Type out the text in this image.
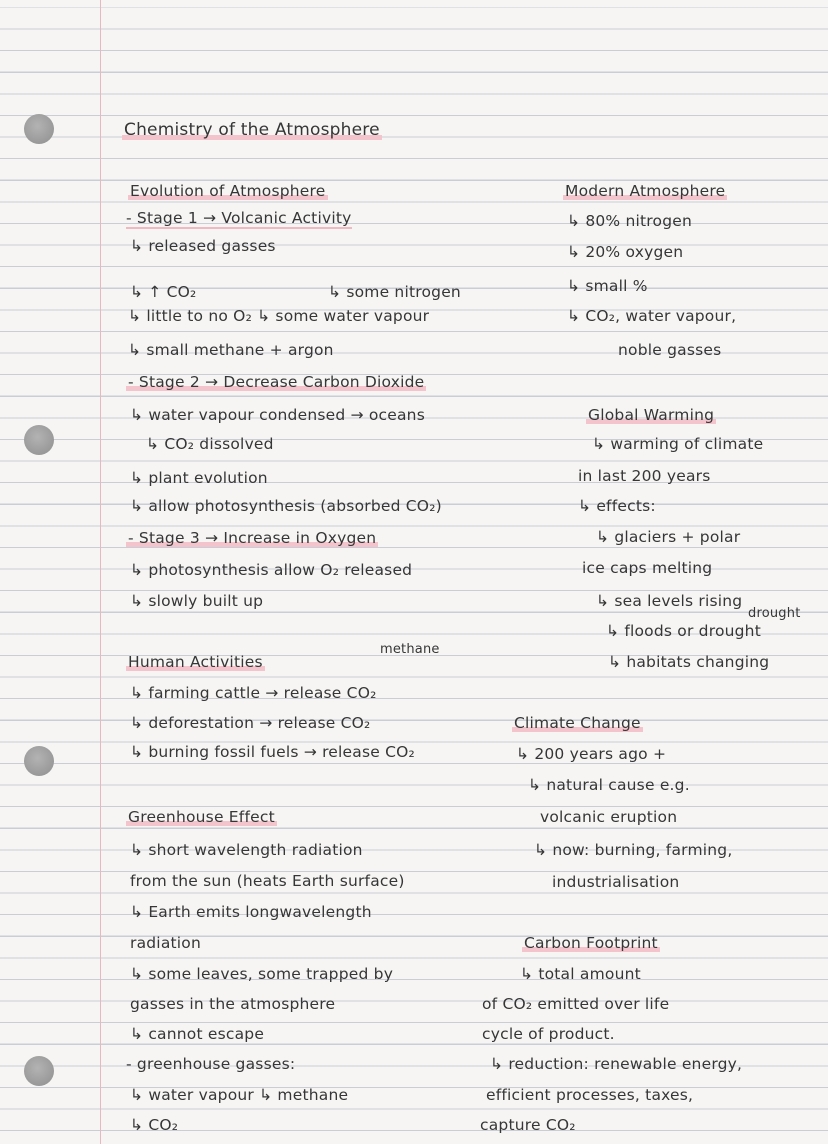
Chemistry of the Atmosphere
Evolution of Atmosphere
- Stage 1 → Volcanic Activity
↳ released gasses
↳ ↑ CO₂	↳ some nitrogen
↳ little to no O₂ ↳ some water vapour
↳ small methane + argon
- Stage 2 → Decrease Carbon Dioxide
↳ water vapour condensed → oceans
↳ CO₂ dissolved
↳ plant evolution
↳ allow photosynthesis (absorbed CO₂)
- Stage 3 → Increase in Oxygen
↳ photosynthesis allow O₂ released
↳ slowly built up
Modern Atmosphere
↳ 80% nitrogen
↳ 20% oxygen
↳ small %
↳ CO₂, water vapour,
noble gasses
Global Warming
↳ warming of climate
in last 200 years
↳ effects:
↳ glaciers + polar
ice caps melting
↳ sea levels rising
drought
↳ floods or drought
↳ habitats changing
methane
Human Activities
↳ farming cattle → release CO₂
↳ deforestation → release CO₂
↳ burning fossil fuels → release CO₂
Climate Change
↳ 200 years ago +
↳ natural cause e.g.
volcanic eruption
↳ now: burning, farming,
industrialisation
Greenhouse Effect
↳ short wavelength radiation
from the sun (heats Earth surface)
↳ Earth emits longwavelength
radiation
↳ some leaves, some trapped by
gasses in the atmosphere
↳ cannot escape
- greenhouse gasses:
↳ water vapour ↳ methane
↳ CO₂
Carbon Footprint
↳ total amount
of CO₂ emitted over life
cycle of product.
↳ reduction: renewable energy,
efficient processes, taxes,
capture CO₂
